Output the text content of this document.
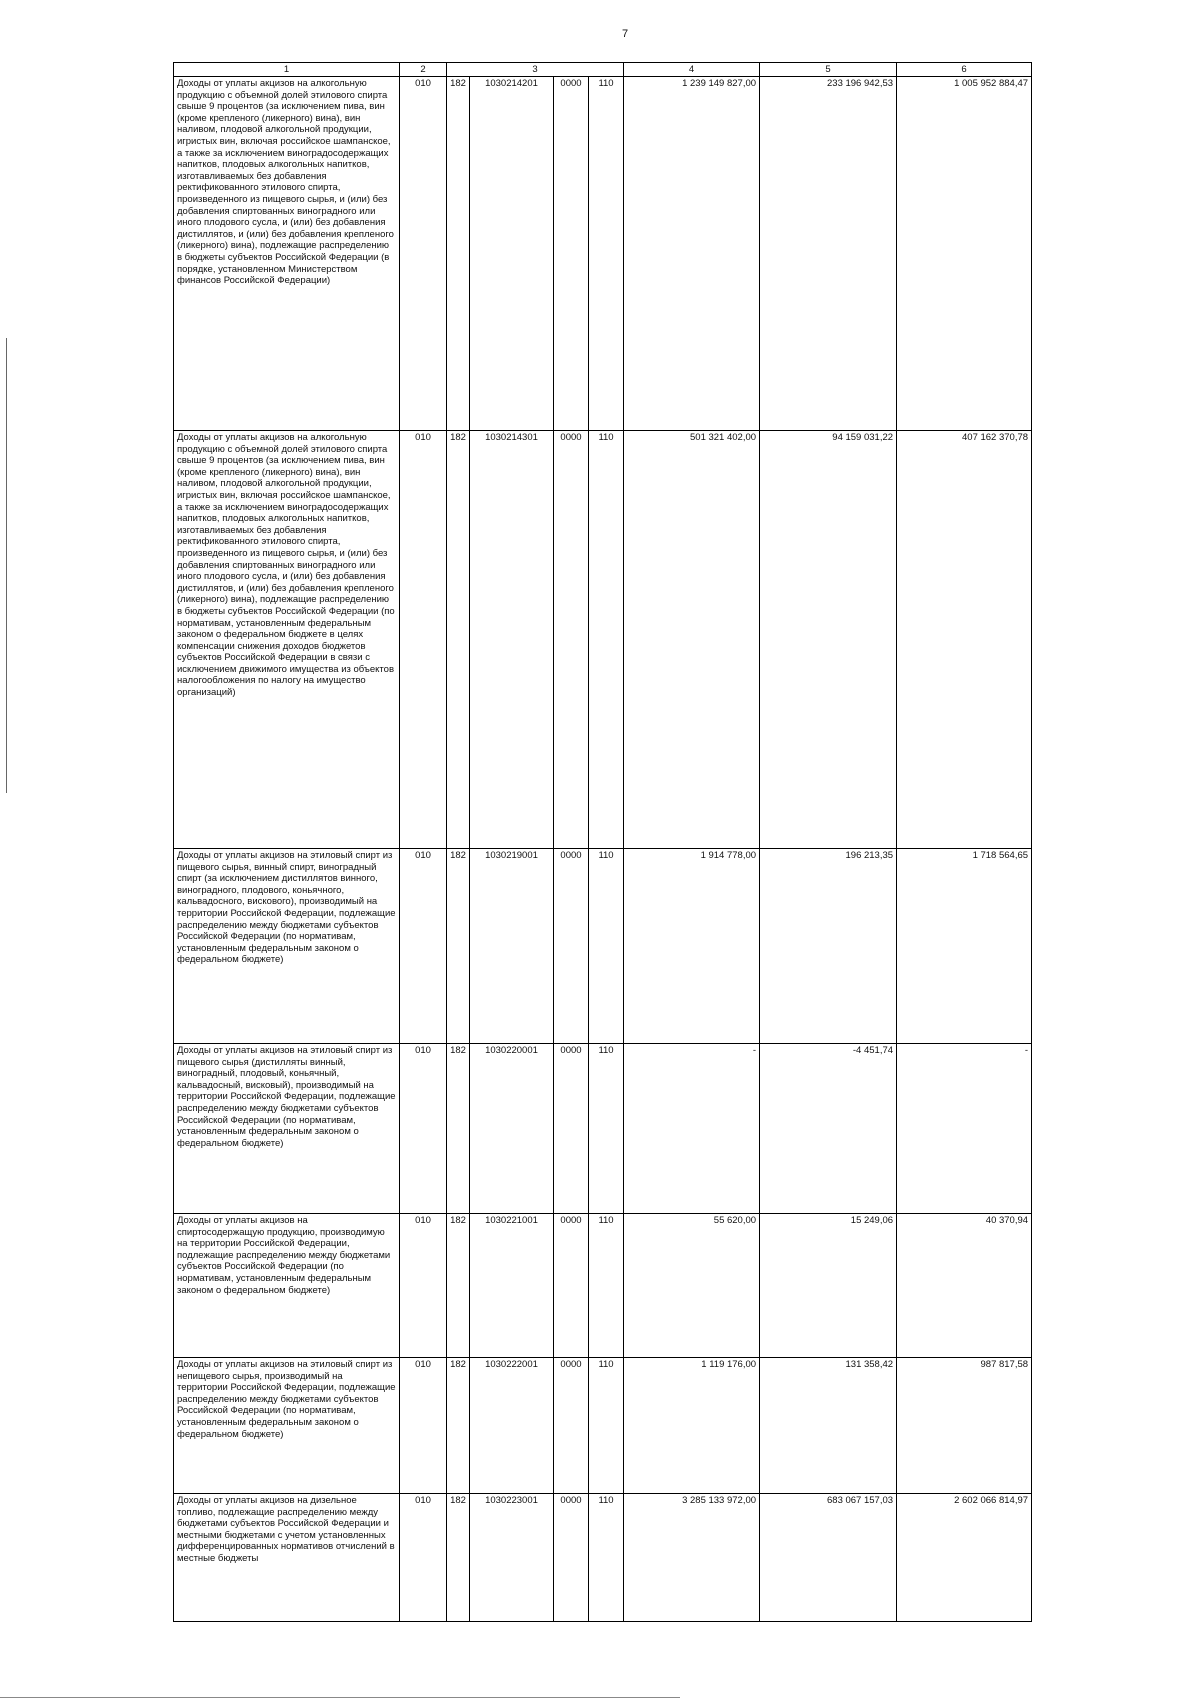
7
1	2	3				4	5	6
Доходы от уплаты акцизов на алкогольную продукцию с объемной долей этилового спирта свыше 9 процентов (за исключением пива, вин (кроме крепленого (ликерного) вина), вин наливом, плодовой алкогольной продукции, игристых вин, включая российское шампанское, а также за исключением виноградосодержащих напитков, плодовых алкогольных напитков, изготавливаемых без добавления ректификованного этилового спирта, произведенного из пищевого сырья, и (или) без добавления спиртованных виноградного или иного плодового сусла, и (или) без добавления дистиллятов, и (или) без добавления крепленого (ликерного) вина), подлежащие распределению в бюджеты субъектов Российской Федерации (в порядке, установленном Министерством финансов Российской Федерации)	010	182	1030214201	0000	110	1 239 149 827,00	233 196 942,53	1 005 952 884,47
Доходы от уплаты акцизов на алкогольную продукцию с объемной долей этилового спирта свыше 9 процентов (за исключением пива, вин (кроме крепленого (ликерного) вина), вин наливом, плодовой алкогольной продукции, игристых вин, включая российское шампанское, а также за исключением виноградосодержащих напитков, плодовых алкогольных напитков, изготавливаемых без добавления ректификованного этилового спирта, произведенного из пищевого сырья, и (или) без добавления спиртованных виноградного или иного плодового сусла, и (или) без добавления дистиллятов, и (или) без добавления крепленого (ликерного) вина), подлежащие распределению в бюджеты субъектов Российской Федерации (по нормативам, установленным федеральным законом о федеральном бюджете в целях компенсации снижения доходов бюджетов субъектов Российской Федерации в связи с исключением движимого имущества из объектов налогообложения по налогу на имущество организаций)	010	182	1030214301	0000	110	501 321 402,00	94 159 031,22	407 162 370,78
Доходы от уплаты акцизов на этиловый спирт из пищевого сырья, винный спирт, виноградный спирт (за исключением дистиллятов винного, виноградного, плодового, коньячного, кальвадосного, вискового), производимый на территории Российской Федерации, подлежащие распределению между бюджетами субъектов Российской Федерации (по нормативам, установленным федеральным законом о федеральном бюджете)	010	182	1030219001	0000	110	1 914 778,00	196 213,35	1 718 564,65
Доходы от уплаты акцизов на этиловый спирт из пищевого сырья (дистилляты винный, виноградный, плодовый, коньячный, кальвадосный, висковый), производимый на территории Российской Федерации, подлежащие распределению между бюджетами субъектов Российской Федерации (по нормативам, установленным федеральным законом о федеральном бюджете)	010	182	1030220001	0000	110	-	-4 451,74	-
Доходы от уплаты акцизов на спиртосодержащую продукцию, производимую на территории Российской Федерации, подлежащие распределению между бюджетами субъектов Российской Федерации (по нормативам, установленным федеральным законом о федеральном бюджете)	010	182	1030221001	0000	110	55 620,00	15 249,06	40 370,94
Доходы от уплаты акцизов на этиловый спирт из непищевого сырья, производимый на территории Российской Федерации, подлежащие распределению между бюджетами субъектов Российской Федерации (по нормативам, установленным федеральным законом о федеральном бюджете)	010	182	1030222001	0000	110	1 119 176,00	131 358,42	987 817,58
Доходы от уплаты акцизов на дизельное топливо, подлежащие распределению между бюджетами субъектов Российской Федерации и местными бюджетами с учетом установленных дифференцированных нормативов отчислений в местные бюджеты	010	182	1030223001	0000	110	3 285 133 972,00	683 067 157,03	2 602 066 814,97
